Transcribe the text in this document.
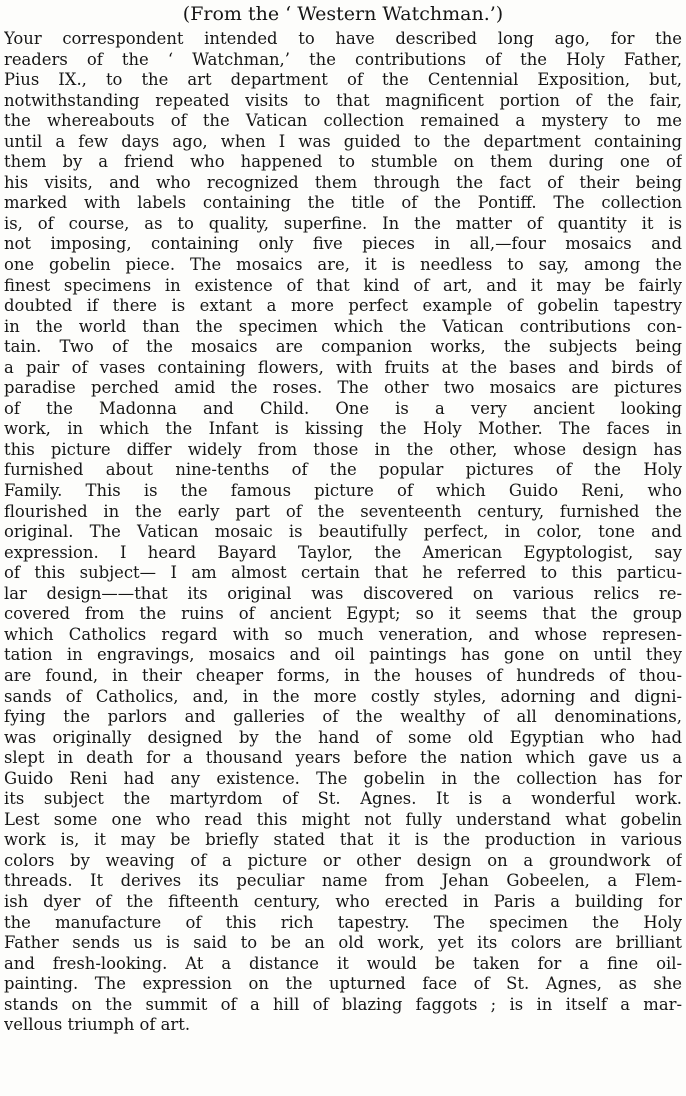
(From the ‘ Western Watchman.’)
Your correspondent intended to have described long ago, for the
readers of the ‘ Watchman,’ the contributions of the Holy Father,
Pius IX., to the art department of the Centennial Exposition, but,
notwithstanding repeated visits to that magnificent portion of the fair,
the whereabouts of the Vatican collection remained a mystery to me
until a few days ago, when I was guided to the department containing
them by a friend who happened to stumble on them during one of
his visits, and who recognized them through the fact of their being
marked with labels containing the title of the Pontiff. The collection
is, of course, as to quality, superfine. In the matter of quantity it is
not imposing, containing only five pieces in all,—four mosaics and
one gobelin piece. The mosaics are, it is needless to say, among the
finest specimens in existence of that kind of art, and it may be fairly
doubted if there is extant a more perfect example of gobelin tapestry
in the world than the specimen which the Vatican contributions con-
tain. Two of the mosaics are companion works, the subjects being
a pair of vases containing flowers, with fruits at the bases and birds of
paradise perched amid the roses. The other two mosaics are pictures
of the Madonna and Child. One is a very ancient looking
work, in which the Infant is kissing the Holy Mother. The faces in
this picture differ widely from those in the other, whose design has
furnished about nine-tenths of the popular pictures of the Holy
Family. This is the famous picture of which Guido Reni, who
flourished in the early part of the seventeenth century, furnished the
original. The Vatican mosaic is beautifully perfect, in color, tone and
expression. I heard Bayard Taylor, the American Egyptologist, say
of this subject— I am almost certain that he referred to this particu-
lar design——that its original was discovered on various relics re-
covered from the ruins of ancient Egypt; so it seems that the group
which Catholics regard with so much veneration, and whose represen-
tation in engravings, mosaics and oil paintings has gone on until they
are found, in their cheaper forms, in the houses of hundreds of thou-
sands of Catholics, and, in the more costly styles, adorning and digni-
fying the parlors and galleries of the wealthy of all denominations,
was originally designed by the hand of some old Egyptian who had
slept in death for a thousand years before the nation which gave us a
Guido Reni had any existence. The gobelin in the collection has for
its subject the martyrdom of St. Agnes. It is a wonderful work.
Lest some one who read this might not fully understand what gobelin
work is, it may be briefly stated that it is the production in various
colors by weaving of a picture or other design on a groundwork of
threads. It derives its peculiar name from Jehan Gobeelen, a Flem-
ish dyer of the fifteenth century, who erected in Paris a building for
the manufacture of this rich tapestry. The specimen the Holy
Father sends us is said to be an old work, yet its colors are brilliant
and fresh-looking. At a distance it would be taken for a fine oil-
painting. The expression on the upturned face of St. Agnes, as she
stands on the summit of a hill of blazing faggots ; is in itself a mar-
vellous triumph of art.
